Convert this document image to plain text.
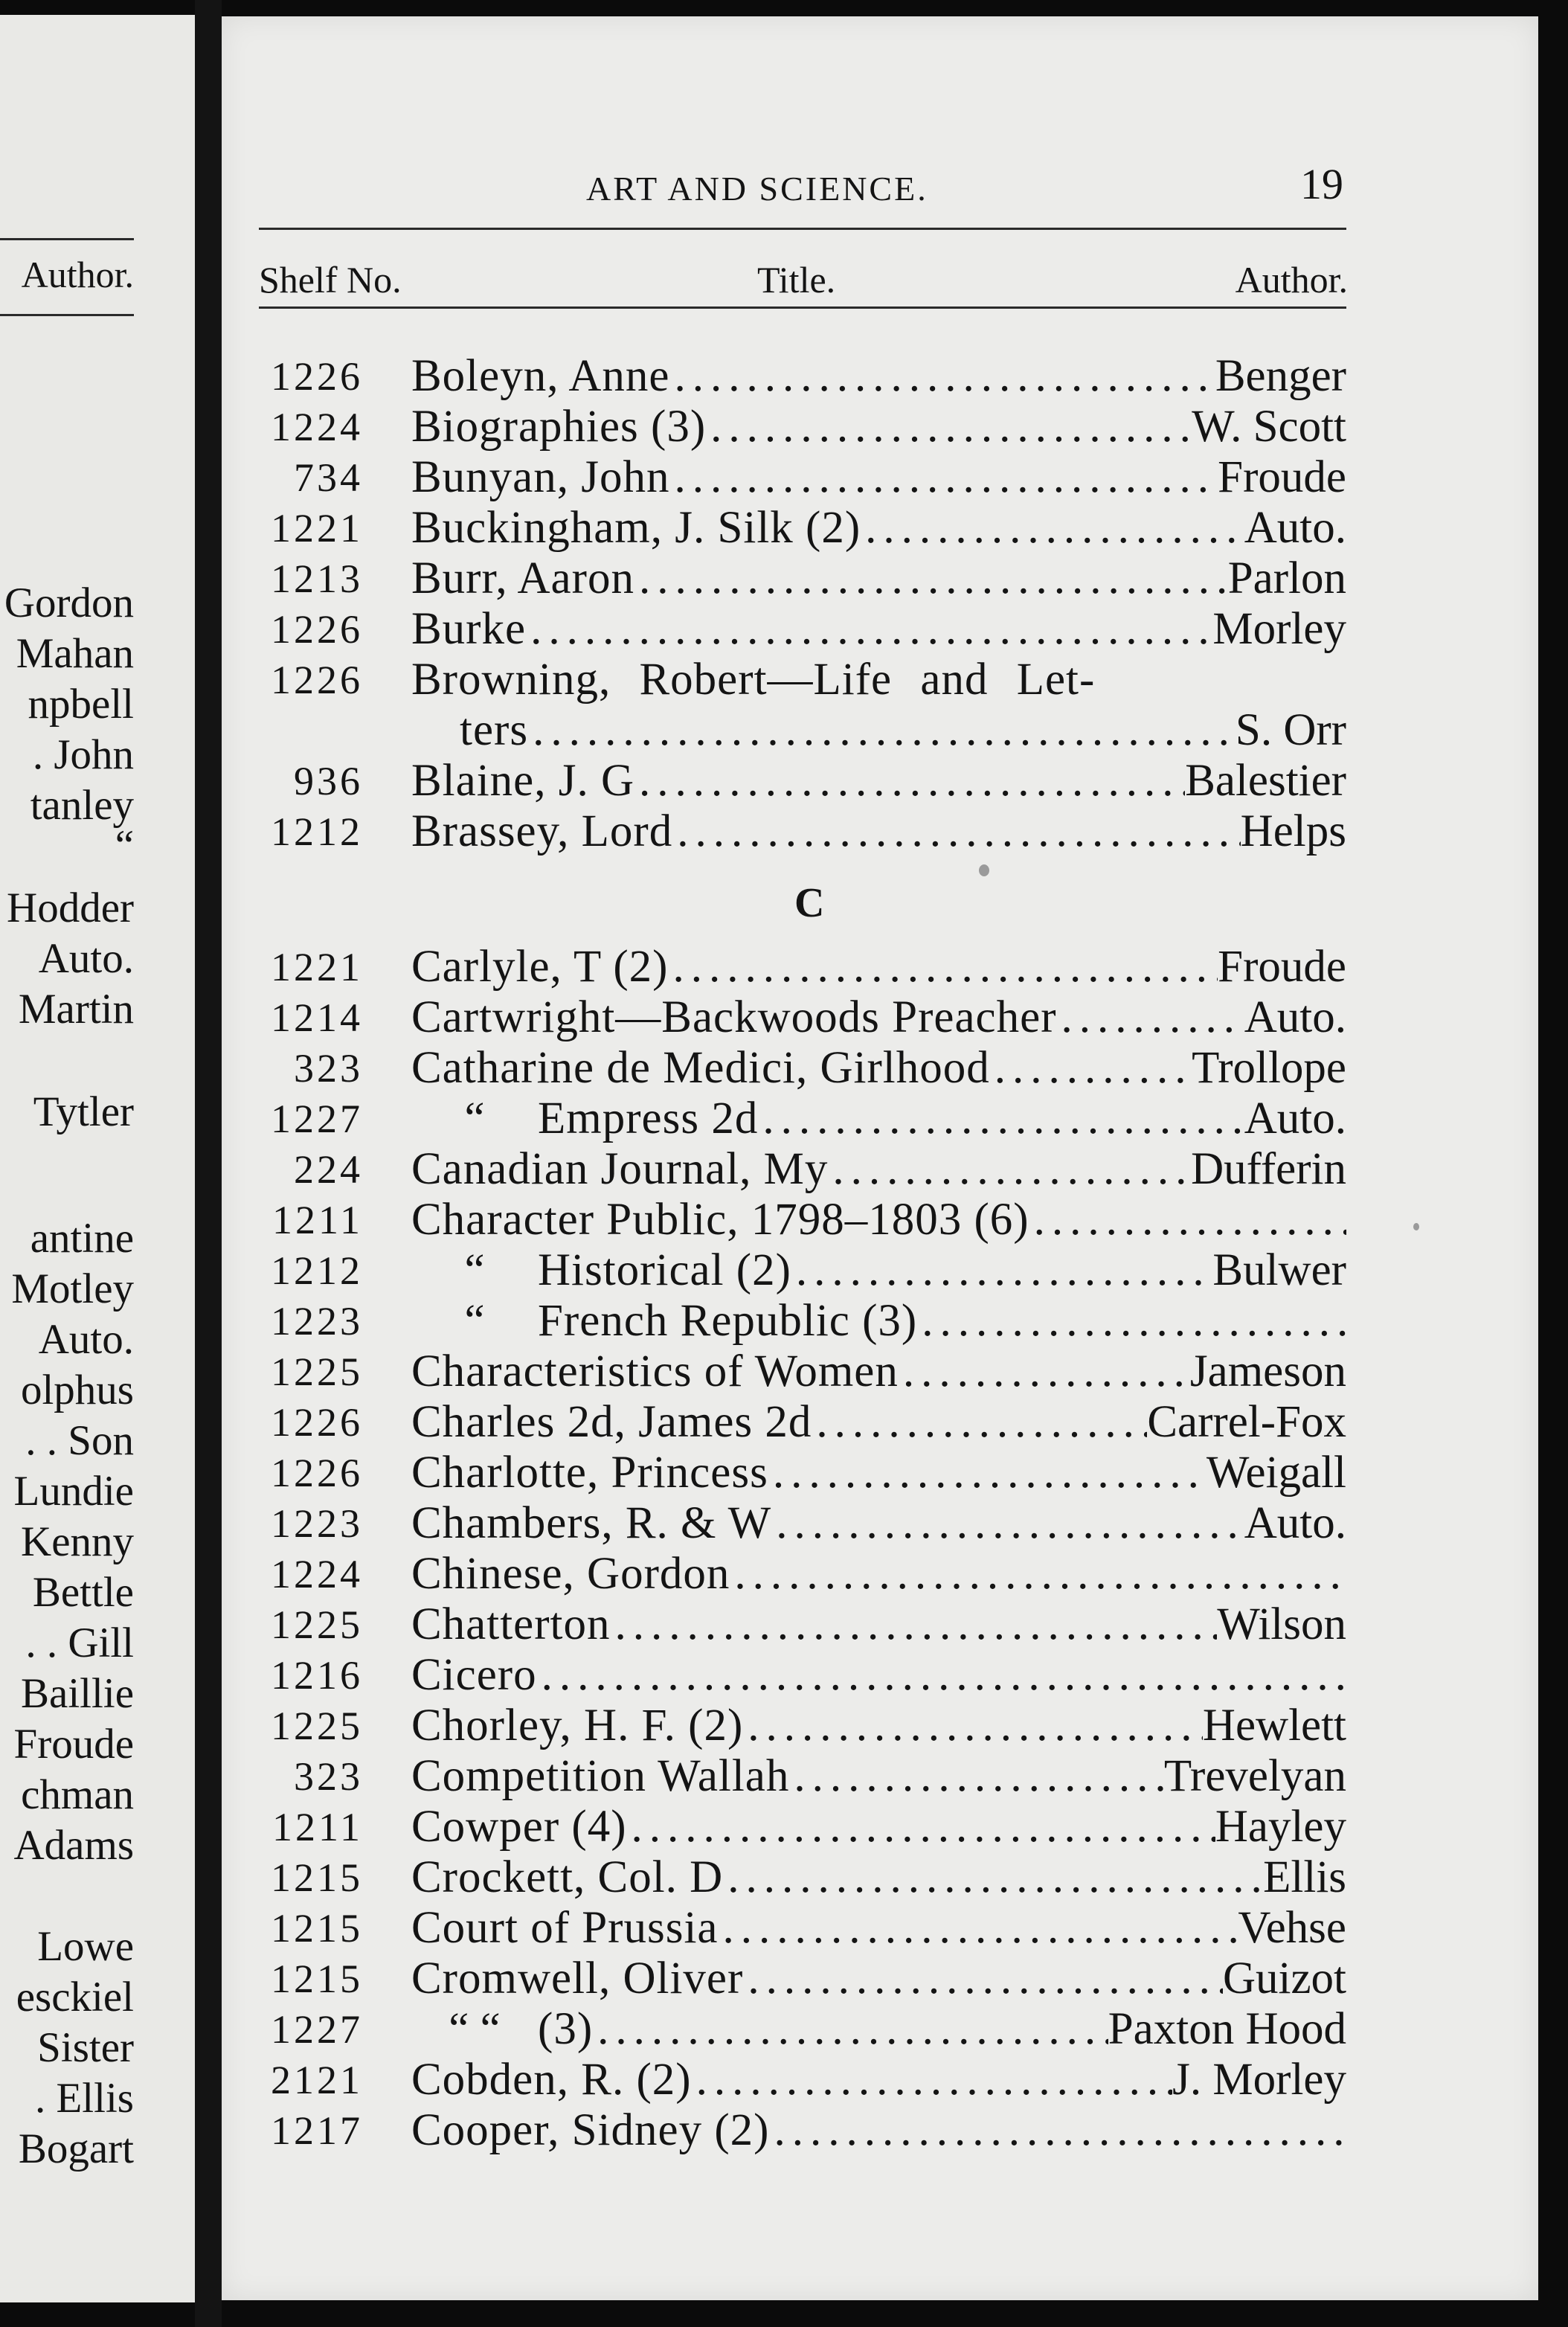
Author.
Gordon
Mahan
npbell
. John
tanley
“
Hodder
Auto.
Martin
Tytler
antine
Motley
Auto.
olphus
. . Son
Lundie
Kenny
Bettle
. . Gill
Baillie
Froude
chman
Adams
Lowe
esckiel
Sister
. Ellis
Bogart
ART AND SCIENCE.	19
Shelf No.	Title.	Author.
1226 Boleyn, Anne .....	Benger
1224 Biographies (3) .....	W. Scott
734 Bunyan, John .....	Froude
1221 Buckingham, J. Silk (2) .....	Auto.
1213 Burr, Aaron .....	Parlon
1226 Burke .....	Morley
1226 Browning, Robert—Life and Let-
ters .....	S. Orr
936 Blaine, J. G .....	Balestier
1212 Brassey, Lord .....	Helps
1221 Carlyle, T (2) .....	Froude
1214 Cartwright—Backwoods Preacher .....	Auto.
323 Catharine de Medici, Girlhood .....	Trollope
1227	“	Empress 2d .....	Auto.
224 Canadian Journal, My .....	Dufferin
1211 Character Public, 1798–1803 (6)
.....
1212	“	Historical (2) .....	Bulwer
1223	“	French Republic (3)
.....
1225 Characteristics of Women .....	Jameson
1226 Charles 2d, James 2d .....	Carrel-Fox
1226 Charlotte, Princess .....	Weigall
1223 Chambers, R. & W .....	Auto.
1224 Chinese, Gordon
.....
1225 Chatterton .....	Wilson
1216 Cicero
.....
1225 Chorley, H. F. (2) .....	Hewlett
323 Competition Wallah .....	Trevelyan
1211 Cowper (4) .....	Hayley
1215 Crockett, Col. D .....	Ellis
1215 Court of Prussia .....	Vehse
1215 Cromwell, Oliver .....	Guizot
1227	“ “ (3) .....	Paxton Hood
2121 Cobden, R. (2) .....	J. Morley
1217 Cooper, Sidney (2)
.....
C
